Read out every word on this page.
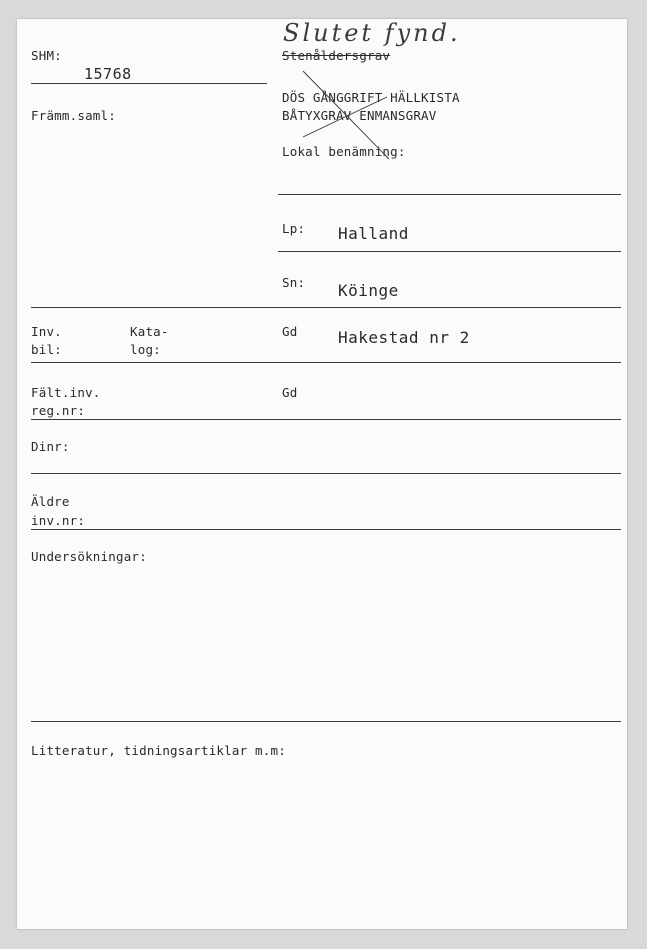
Slutet fynd.
SHM:
15768
Främm.saml:
Stenåldersgrav
DÖS GÅNGGRIFT HÄLLKISTA
BÅTYXGRAV ENMANSGRAV
Lokal benämning:
Lp: Halland
Sn: Köinge
Inv.
bil:
Kata-
log:
Gd	Hakestad nr 2
Fält.inv.
reg.nr:
Gd
Dinr:
Äldre
inv.nr:
Undersökningar:
Litteratur, tidningsartiklar m.m:
